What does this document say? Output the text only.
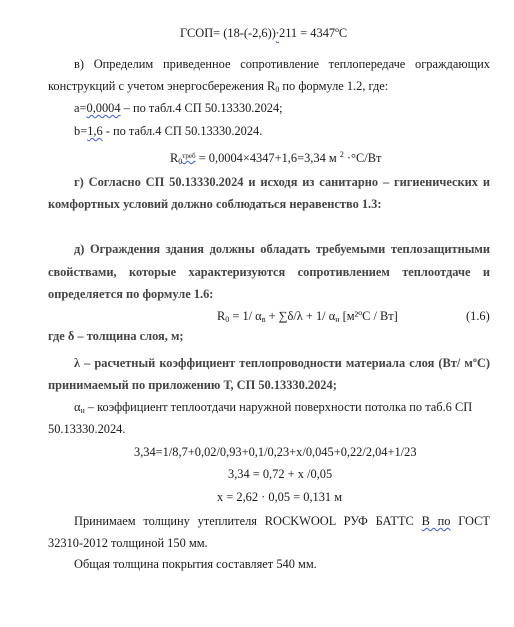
ГСОП= (18-(-2,6))∙211 = 4347ºС
в) Определим приведенное сопротивление теплопередаче ограждающих
конструкций с учетом энергосбережения R0 по формуле 1.2, где:
а=0,0004 – по табл.4 СП 50.13330.2024;
b=1,6 - по табл.4 СП 50.13330.2024.
$R0^{треб} = 0,0004\times 4347+1,6=3,34$ м $^2$ ·°С/Вт
г) Согласно СП 50.13330.2024 и исходя из санитарно – гигиенических и
комфортных условий должно соблюдаться неравенство 1.3:
д) Ограждения здания должны обладать требуемыми теплозащитными
свойствами, которые характеризуются сопротивлением теплоотдаче и
определяется по формуле 1.6:
R0 = 1/ αв + ∑δ/λ + 1/ αн [м²ºС / Вт]	(1.6)
где δ – толщина слоя, м;
λ – расчетный коэффициент теплопроводности материала слоя (Вт/ мºС)
принимаемый по приложению Т, СП 50.13330.2024;
αн – коэффициент теплоотдачи наружной поверхности потолка по таб.6 СП
50.13330.2024.
3,34=1/8,7+0,02/0,93+0,1/0,23+х/0,045+0,22/2,04+1/23
3,34 = 0,72 + х /0,05
х = 2,62 · 0,05 = 0,131 м
Принимаем толщину утеплителя ROCKWOOL РУФ БАТТС В по ГОСТ
32310-2012 толщиной 150 мм.
Общая толщина покрытия составляет 540 мм.
